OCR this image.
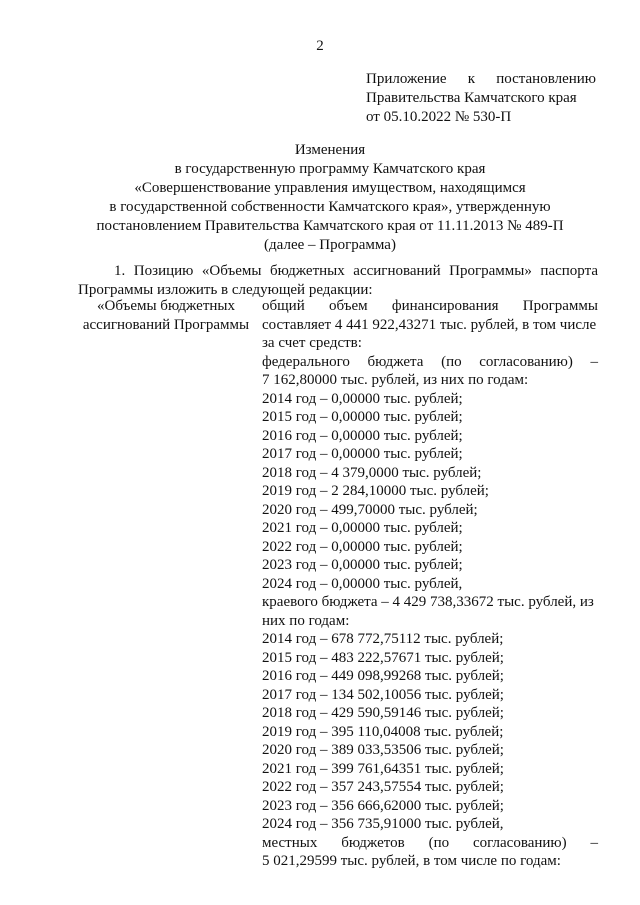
2
Приложение к постановлению
Правительства Камчатского края
от 05.10.2022 № 530-П
Изменения
в государственную программу Камчатского края
«Совершенствование управления имуществом, находящимся
в государственной собственности Камчатского края», утвержденную
постановлением Правительства Камчатского края от 11.11.2013 № 489-П
(далее – Программа)
1. Позицию «Объемы бюджетных ассигнований Программы» паспорта
Программы изложить в следующей редакции:
«Объемы бюджетных
ассигнований Программы
общий объем финансирования Программы
составляет 4 441 922,43271 тыс. рублей, в том числе
за счет средств:
федерального бюджета (по согласованию) –
7 162,80000 тыс. рублей, из них по годам:
2014 год – 0,00000 тыс. рублей;
2015 год – 0,00000 тыс. рублей;
2016 год – 0,00000 тыс. рублей;
2017 год – 0,00000 тыс. рублей;
2018 год – 4 379,0000 тыс. рублей;
2019 год – 2 284,10000 тыс. рублей;
2020 год – 499,70000 тыс. рублей;
2021 год – 0,00000 тыс. рублей;
2022 год – 0,00000 тыс. рублей;
2023 год – 0,00000 тыс. рублей;
2024 год – 0,00000 тыс. рублей,
краевого бюджета – 4 429 738,33672 тыс. рублей, из
них по годам:
2014 год – 678 772,75112 тыс. рублей;
2015 год – 483 222,57671 тыс. рублей;
2016 год – 449 098,99268 тыс. рублей;
2017 год – 134 502,10056 тыс. рублей;
2018 год – 429 590,59146 тыс. рублей;
2019 год – 395 110,04008 тыс. рублей;
2020 год – 389 033,53506 тыс. рублей;
2021 год – 399 761,64351 тыс. рублей;
2022 год – 357 243,57554 тыс. рублей;
2023 год – 356 666,62000 тыс. рублей;
2024 год – 356 735,91000 тыс. рублей,
местных бюджетов (по согласованию) –
5 021,29599 тыс. рублей, в том числе по годам:
